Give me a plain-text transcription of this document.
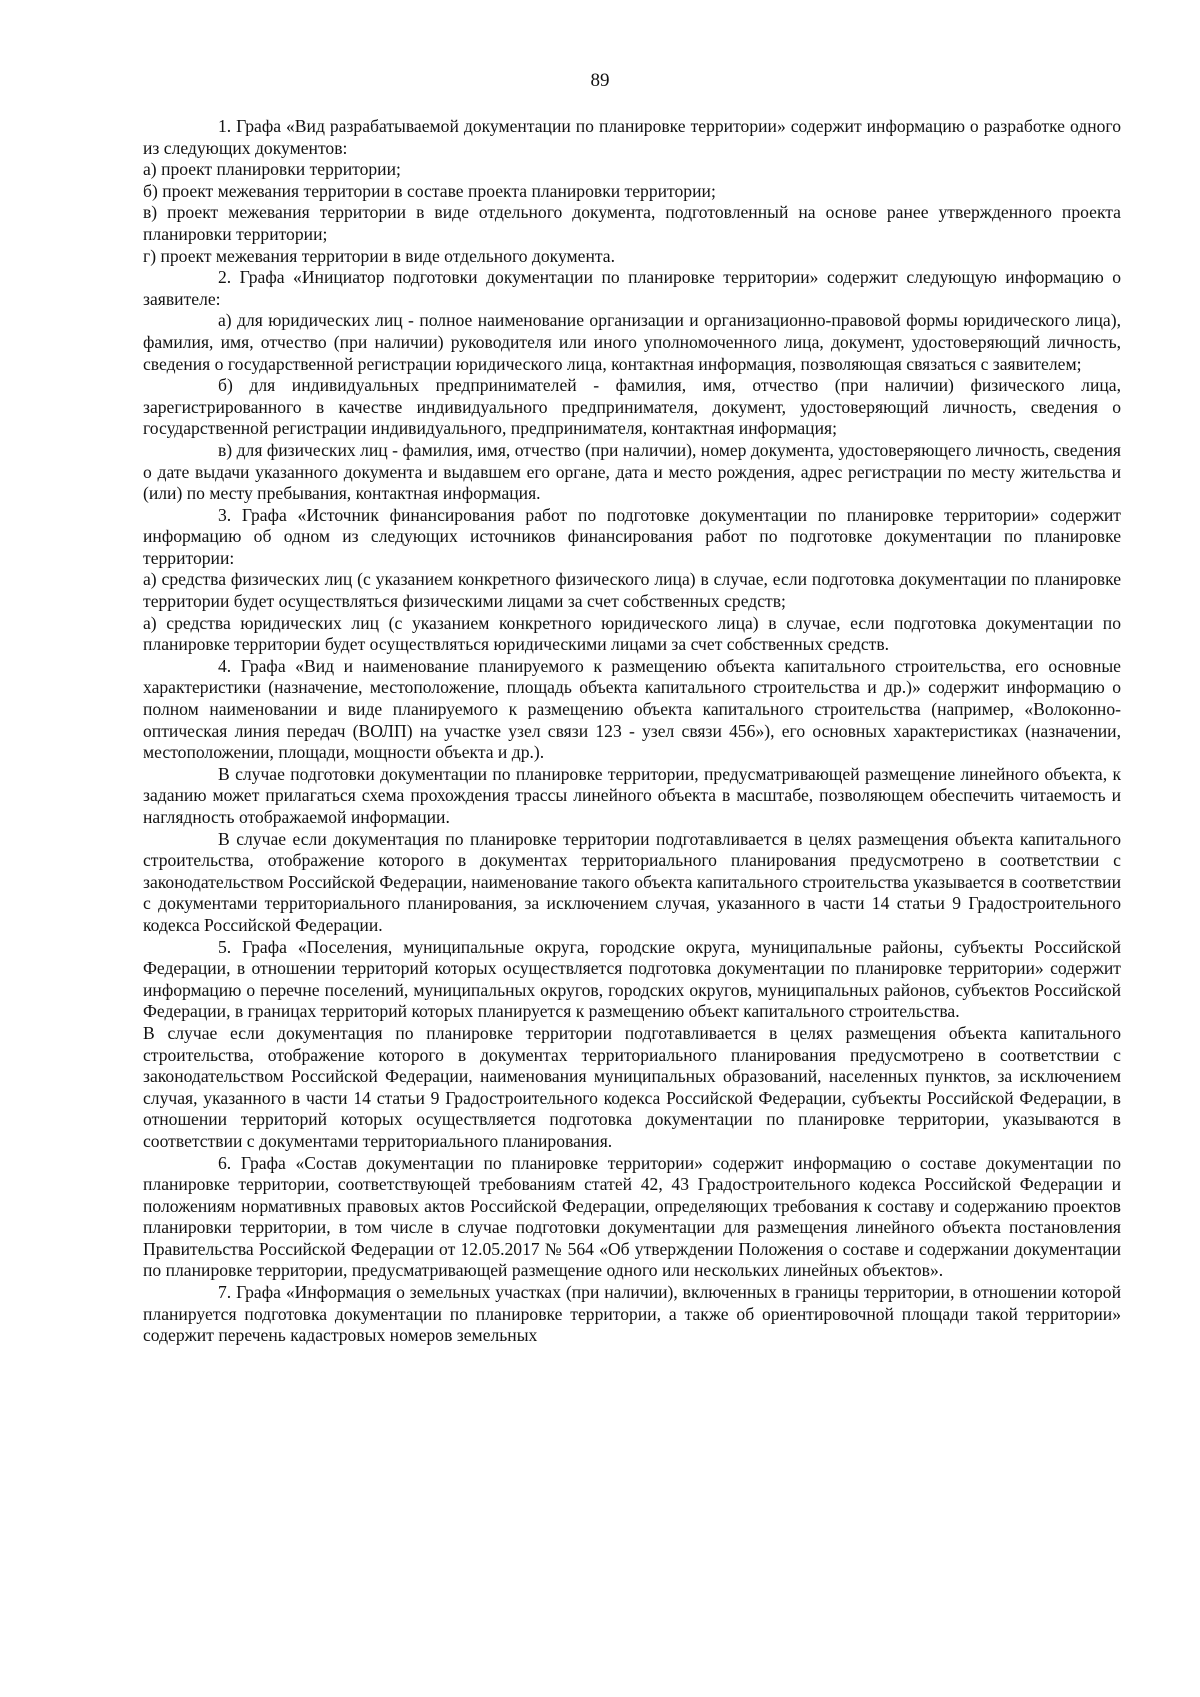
89

1. Графа «Вид разрабатываемой документации по планировке территории» содержит информацию о разработке одного из следующих документов:

а) проект планировки территории;

б) проект межевания территории в составе проекта планировки территории;

в) проект межевания территории в виде отдельного документа, подготовленный на основе ранее утвержденного проекта планировки территории;

г) проект межевания территории в виде отдельного документа.

2. Графа «Инициатор подготовки документации по планировке территории» содержит следующую информацию о заявителе:

а) для юридических лиц - полное наименование организации и организационно-правовой формы юридического лица), фамилия, имя, отчество (при наличии) руководителя или иного уполномоченного лица, документ, удостоверяющий личность, сведения о государственной регистрации юридического лица, контактная информация, позволяющая связаться с заявителем;

б) для индивидуальных предпринимателей - фамилия, имя, отчество (при наличии) физического лица, зарегистрированного в качестве индивидуального предпринимателя, документ, удостоверяющий личность, сведения о государственной регистрации индивидуального, предпринимателя, контактная информация;

в) для физических лиц - фамилия, имя, отчество (при наличии), номер документа, удостоверяющего личность, сведения о дате выдачи указанного документа и выдавшем его органе, дата и место рождения, адрес регистрации по месту жительства и (или) по месту пребывания, контактная информация.

3. Графа «Источник финансирования работ по подготовке документации по планировке территории» содержит информацию об одном из следующих источников финансирования работ по подготовке документации по планировке территории:

а) средства физических лиц (с указанием конкретного физического лица) в случае, если подготовка документации по планировке территории будет осуществляться физическими лицами за счет собственных средств;

а) средства юридических лиц (с указанием конкретного юридического лица) в случае, если подготовка документации по планировке территории будет осуществляться юридическими лицами за счет собственных средств.

4. Графа «Вид и наименование планируемого к размещению объекта капитального строительства, его основные характеристики (назначение, местоположение, площадь объекта капитального строительства и др.)» содержит информацию о полном наименовании и виде планируемого к размещению объекта капитального строительства (например, «Волоконно-оптическая линия передач (ВОЛП) на участке узел связи 123 - узел связи 456»), его основных характеристиках (назначении, местоположении, площади, мощности объекта и др.).

В случае подготовки документации по планировке территории, предусматривающей размещение линейного объекта, к заданию может прилагаться схема прохождения трассы линейного объекта в масштабе, позволяющем обеспечить читаемость и наглядность отображаемой информации.

В случае если документация по планировке территории подготавливается в целях размещения объекта капитального строительства, отображение которого в документах территориального планирования предусмотрено в соответствии с законодательством Российской Федерации, наименование такого объекта капитального строительства указывается в соответствии с документами территориального планирования, за исключением случая, указанного в части 14 статьи 9 Градостроительного кодекса Российской Федерации.

5. Графа «Поселения, муниципальные округа, городские округа, муниципальные районы, субъекты Российской Федерации, в отношении территорий которых осуществляется подготовка документации по планировке территории» содержит информацию о перечне поселений, муниципальных округов, городских округов, муниципальных районов, субъектов Российской Федерации, в границах территорий которых планируется к размещению объект капитального строительства.

В случае если документация по планировке территории подготавливается в целях размещения объекта капитального строительства, отображение которого в документах территориального планирования предусмотрено в соответствии с законодательством Российской Федерации, наименования муниципальных образований, населенных пунктов, за исключением случая, указанного в части 14 статьи 9 Градостроительного кодекса Российской Федерации, субъекты Российской Федерации, в отношении территорий которых осуществляется подготовка документации по планировке территории, указываются в соответствии с документами территориального планирования.

6. Графа «Состав документации по планировке территории» содержит информацию о составе документации по планировке территории, соответствующей требованиям статей 42, 43 Градостроительного кодекса Российской Федерации и положениям нормативных правовых актов Российской Федерации, определяющих требования к составу и содержанию проектов планировки территории, в том числе в случае подготовки документации для размещения линейного объекта постановления Правительства Российской Федерации от 12.05.2017 № 564 «Об утверждении Положения о составе и содержании документации по планировке территории, предусматривающей размещение одного или нескольких линейных объектов».

7. Графа «Информация о земельных участках (при наличии), включенных в границы территории, в отношении которой планируется подготовка документации по планировке территории, а также об ориентировочной площади такой территории» содержит перечень кадастровых номеров земельных
